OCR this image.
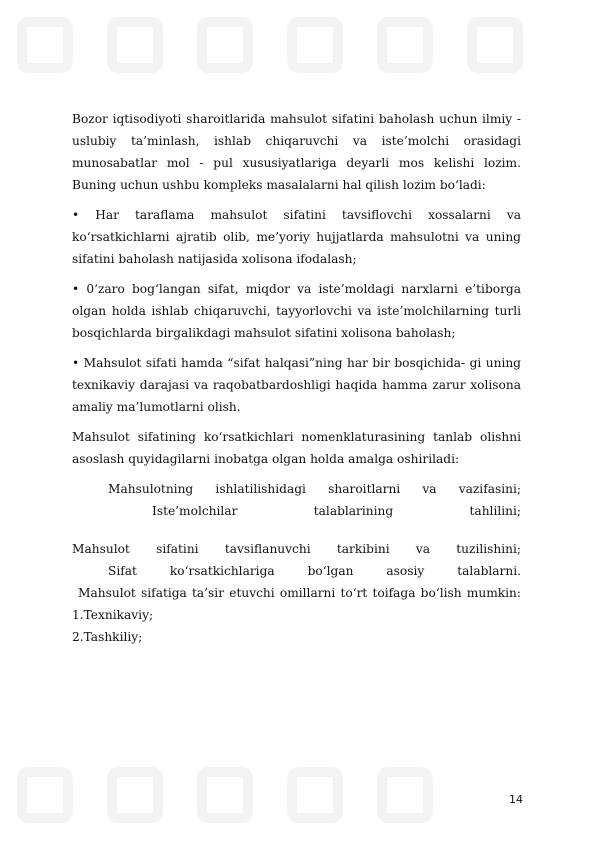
Bozor iqtisodiyoti sharoitlarida mahsulot sifatini baholash uchun ilmiy - uslubiy ta’minlash, ishlab chiqaruvchi va iste’molchi orasidagi munosabatlar mol - pul xususiyatlariga deyarli mos kelishi lozim. Buning uchun ushbu kompleks masalalarni hal qilish lozim bo‘ladi:

• Har taraflama mahsulot sifatini tavsiflovchi xossalarni va ko‘rsatkichlarni ajratib olib, me’yoriy hujjatlarda mahsulotni va uning sifatini baholash natijasida xolisona ifodalash;

• 0‘zaro bog‘langan sifat, miqdor va iste’moldagi narxlarni e’tiborga olgan holda ishlab chiqaruvchi, tayyorlovchi va iste’molchilarning turli bosqichlarda birgalikdagi mahsulot sifatini xolisona baholash;

• Mahsulot sifati hamda “sifat halqasi”ning har bir bosqichida- gi uning texnikaviy darajasi va raqobatbardoshligi haqida hamma zarur xolisona amaliy ma’lumotlarni olish.

Mahsulot sifatining ko‘rsatkichlari nomenklaturasining tanlab olishni asoslash quyidagilarni inobatga olgan holda amalga oshiriladi:

Mahsulotning ishlatilishidagi sharoitlarni va vazifasini;

Iste’molchilar talablarining tahlilini;

Mahsulot sifatini tavsiflanuvchi tarkibini va tuzilishini;

Sifat ko‘rsatkichlariga bo‘lgan asosiy talablarni.

Mahsulot sifatiga ta’sir etuvchi omillarni to‘rt toifaga bo‘lish mumkin:

1.Texnikaviy;

2.Tashkiliy;

14
